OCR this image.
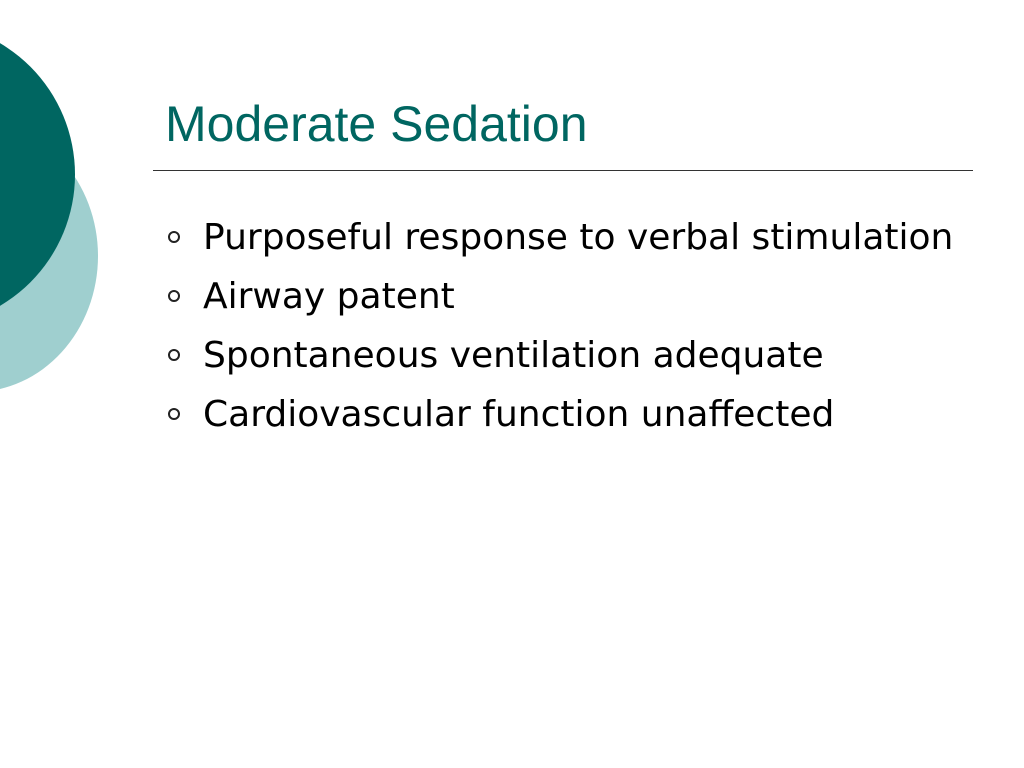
Moderate Sedation
Purposeful response to verbal stimulation
Airway patent
Spontaneous ventilation adequate
Cardiovascular function unaffected
